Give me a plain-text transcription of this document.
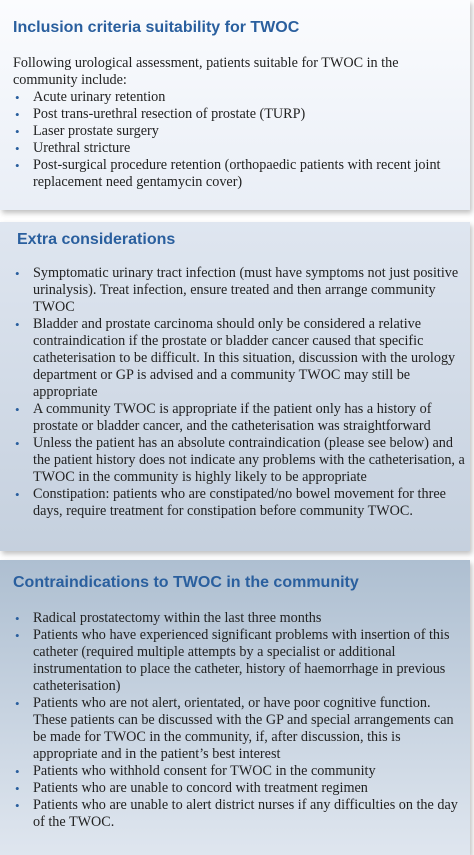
Inclusion criteria suitability for TWOC

Following urological assessment, patients suitable for TWOC in the community include:

• Acute urinary retention
• Post trans-urethral resection of prostate (TURP)
• Laser prostate surgery
• Urethral stricture
• Post-surgical procedure retention (orthopaedic patients with recent joint replacement need gentamycin cover)
Extra considerations
• Symptomatic urinary tract infection (must have symptoms not just positive urinalysis). Treat infection, ensure treated and then arrange community TWOC
• Bladder and prostate carcinoma should only be considered a relative contraindication if the prostate or bladder cancer caused that specific catheterisation to be difficult. In this situation, discussion with the urology department or GP is advised and a community TWOC may still be appropriate
• A community TWOC is appropriate if the patient only has a history of prostate or bladder cancer, and the catheterisation was straightforward
• Unless the patient has an absolute contraindication (please see below) and the patient history does not indicate any problems with the catheterisation, a TWOC in the community is highly likely to be appropriate
• Constipation: patients who are constipated/no bowel movement for three days, require treatment for constipation before community TWOC.
Contraindications to TWOC in the community
• Radical prostatectomy within the last three months
• Patients who have experienced significant problems with insertion of this catheter (required multiple attempts by a specialist or additional instrumentation to place the catheter, history of haemorrhage in previous catheterisation)
• Patients who are not alert, orientated, or have poor cognitive function. These patients can be discussed with the GP and special arrangements can be made for TWOC in the community, if, after discussion, this is appropriate and in the patient’s best interest
• Patients who withhold consent for TWOC in the community
• Patients who are unable to concord with treatment regimen
• Patients who are unable to alert district nurses if any difficulties on the day of the TWOC.
